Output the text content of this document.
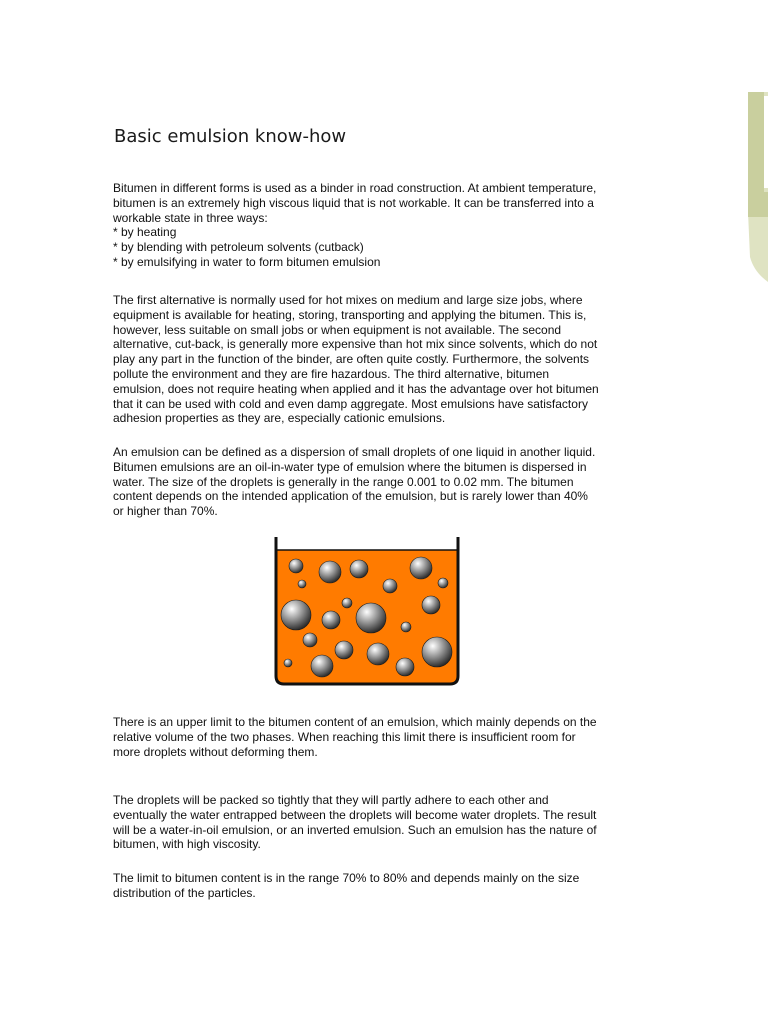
Basic emulsion know-how
Bitumen in different forms is used as a binder in road construction. At ambient temperature,
bitumen is an extremely high viscous liquid that is not workable. It can be transferred into a
workable state in three ways:
* by heating
* by blending with petroleum solvents (cutback)
* by emulsifying in water to form bitumen emulsion
The first alternative is normally used for hot mixes on medium and large size jobs, where
equipment is available for heating, storing, transporting and applying the bitumen. This is,
however, less suitable on small jobs or when equipment is not available. The second
alternative, cut-back, is generally more expensive than hot mix since solvents, which do not
play any part in the function of the binder, are often quite costly. Furthermore, the solvents
pollute the environment and they are fire hazardous. The third alternative, bitumen
emulsion, does not require heating when applied and it has the advantage over hot bitumen
that it can be used with cold and even damp aggregate. Most emulsions have satisfactory
adhesion properties as they are, especially cationic emulsions.
An emulsion can be defined as a dispersion of small droplets of one liquid in another liquid.
Bitumen emulsions are an oil-in-water type of emulsion where the bitumen is dispersed in
water. The size of the droplets is generally in the range 0.001 to 0.02 mm. The bitumen
content depends on the intended application of the emulsion, but is rarely lower than 40%
or higher than 70%.
There is an upper limit to the bitumen content of an emulsion, which mainly depends on the
relative volume of the two phases. When reaching this limit there is insufficient room for
more droplets without deforming them.
The droplets will be packed so tightly that they will partly adhere to each other and
eventually the water entrapped between the droplets will become water droplets. The result
will be a water-in-oil emulsion, or an inverted emulsion. Such an emulsion has the nature of
bitumen, with high viscosity.
The limit to bitumen content is in the range 70% to 80% and depends mainly on the size
distribution of the particles.
